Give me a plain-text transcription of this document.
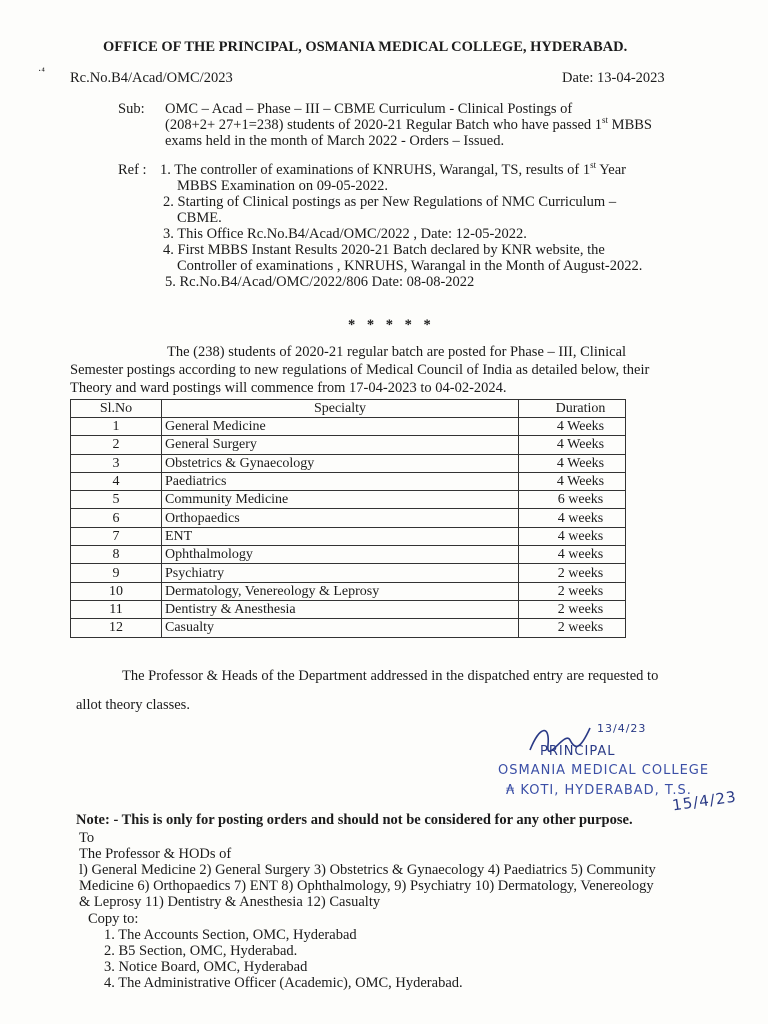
OFFICE OF THE PRINCIPAL, OSMANIA MEDICAL COLLEGE, HYDERABAD.
·⁴ Rc.No.B4/Acad/OMC/2023	Date: 13-04-2023
Sub: OMC – Acad – Phase – III – CBME Curriculum - Clinical Postings of
(208+2+ 27+1=238) students of 2020-21 Regular Batch who have passed 1st MBBS
exams held in the month of March 2022 - Orders – Issued.
Ref : 1. The controller of examinations of KNRUHS, Warangal, TS, results of 1st Year
MBBS Examination on 09-05-2022.
2. Starting of Clinical postings as per New Regulations of NMC Curriculum –
CBME.
3. This Office Rc.No.B4/Acad/OMC/2022 , Date: 12-05-2022.
4. First MBBS Instant Results 2020-21 Batch declared by KNR website, the
Controller of examinations , KNRUHS, Warangal in the Month of August-2022.
5. Rc.No.B4/Acad/OMC/2022/806 Date: 08-08-2022
* * * * *
The (238) students of 2020-21 regular batch are posted for Phase – III, Clinical
Semester postings according to new regulations of Medical Council of India as detailed below, their
Theory and ward postings will commence from 17-04-2023 to 04-02-2024.
Sl.No	Specialty	Duration
1	General Medicine	4 Weeks
2	General Surgery	4 Weeks
3	Obstetrics & Gynaecology	4 Weeks
4	Paediatrics	4 Weeks
5	Community Medicine	6 weeks
6	Orthopaedics	4 weeks
7	ENT	4 weeks
8	Ophthalmology	4 weeks
9	Psychiatry	2 weeks
10	Dermatology, Venereology & Leprosy	2 weeks
11	Dentistry & Anesthesia	2 weeks
12	Casualty	2 weeks
The Professor & Heads of the Department addressed in the dispatched entry are requested to
allot theory classes.
13/4/23
PRINCIPAL
OSMANIA MEDICAL COLLEGE
₳ KOTI, HYDERABAD, T.S.
15/4/23
Note: - This is only for posting orders and should not be considered for any other purpose.
To
The Professor & HODs of
l) General Medicine 2) General Surgery 3) Obstetrics & Gynaecology 4) Paediatrics 5) Community
Medicine 6) Orthopaedics 7) ENT 8) Ophthalmology, 9) Psychiatry 10) Dermatology, Venereology
& Leprosy 11) Dentistry & Anesthesia 12) Casualty
Copy to:
1. The Accounts Section, OMC, Hyderabad
2. B5 Section, OMC, Hyderabad.
3. Notice Board, OMC, Hyderabad
4. The Administrative Officer (Academic), OMC, Hyderabad.
